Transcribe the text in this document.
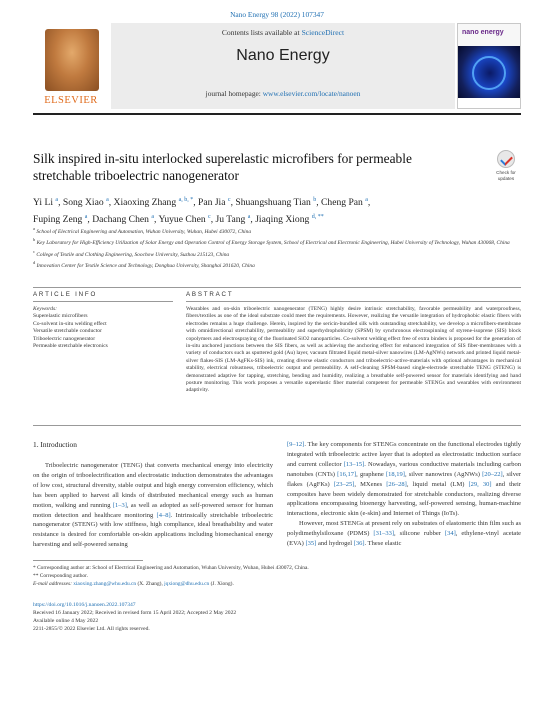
Nano Energy 98 (2022) 107347
ELSEVIER
Contents lists available at ScienceDirect
Nano Energy
journal homepage: www.elsevier.com/locate/nanoen
nano energy
Silk inspired in-situ interlocked superelastic microfibers for permeable stretchable triboelectric nanogenerator	Check for updates
Yi Li $^a$, Song Xiao $^a$, Xiaoxing Zhang $^{a, b, *}$, Pan Jia $^c$, Shuangshuang Tian $^b$, Cheng Pan $^a$,
Fuping Zeng $^a$, Dachang Chen $^a$, Yuyue Chen $^c$, Ju Tang $^a$, Jiaqing Xiong $^{d, **}$
$^a$ School of Electrical Engineering and Automation, Wuhan University, Wuhan, Hubei 430072, China
$^b$ Key Laboratory for High-Efficiency Utilization of Solar Energy and Operation Control of Energy Storage System, School of Electrical and Electronic Engineering, Hubei University of Technology, Wuhan 430068, China
$^c$ College of Textile and Clothing Engineering, Soochow University, Suzhou 215123, China
$^d$ Innovation Center for Textile Science and Technology, Donghua University, Shanghai 201620, China
ARTICLE INFO	ABSTRACT
Keywords:
Superelastic microfibers
Co-solvent in-situ welding effect
Versatile stretchable conductor
Triboelectric nanogenerator
Permeable stretchable electronics
Wearables and on-skin triboelectric nanogenerator (TENG) highly desire intrinsic stretchability, favorable permeability and waterproofness, fibers/textiles as one of the ideal substrate could meet the requirements. However, realizing the versatile integration of hydrophobic elastic fibers with electrodes remains a huge challenge. Herein, inspired by the sericin-bundled silk with outstanding stretchability, we develop a microfibers-membrane with omnidirectional stretchability, permeability and superhydrophobicity (SPSM) by synchronous electrospinning of styrene-isoprene (SIS) block copolymers and electrospraying of the fluorinated SiO2 nanoparticles. Co-solvent welding effect free of extra binders is proposed for the generation of in-situ anchored junctions between the SIS fibers, as well as achieving the anchoring effect for enhanced integration of SIS fiber-membranes with a variety of conductors such as sputtered gold (Au) layer, vacuum filtrated liquid metal-silver nanowires (LM-AgNWs) network and printed liquid metal-silver flakes-SIS (LM-AgFKs-SIS) ink, creating diverse elastic conductors and triboelectric-active-materials with optional advantages in mechanical stability, electrical robustness, triboelectric output and permeability. A self-cleaning SPSM-based single-electrode stretchable TENG (STENG) is demonstrated adaptive for tapping, stretching, bending and humidity, realizing a breathable self-powered sensor for materials identifying and hand posture monitoring. This work proposes a versatile superelastic fiber material competent for permeable STENGs and wearables with environment adaptivity.
1. Introduction

Triboelectric nanogenerator (TENG) that converts mechanical energy into electricity on the origin of triboelectrification and electrostatic induction demonstrates the advantages of low cost, structural diversity, stable output and high energy conversion efficiency, which has been applied to harvest all kinds of distributed mechanical energy such as human motion, walking and running [1–3], as well as adopted as self-powered sensor for human motion detection and healthcare monitoring [4–8]. Intrinsically stretchable triboelectric nanogenerator (STENG) with low stiffness, high compliance, ideal breathability and water resistance is desired for comfortable on-skin applications including biomechanical energy harvesting and self-powered sensing

[9–12]. The key components for STENGs concentrate on the functional electrodes tightly integrated with triboelectric active layer that is adopted as electrostatic induction surface and current collector [13–15]. Nowadays, various conductive materials including carbon nanotubes (CNTs) [16,17], graphene [18,19], silver nanowires (AgNWs) [20–22], silver flakes (AgFKs) [23–25], MXenes [26–28], liquid metal (LM) [29, 30] and their composites have been widely demonstrated for stretchable conductors, realizing diverse applications encompassing bioenergy harvesting, self-powered sensing, human-machine interactions, electronic skin (e-skin) and Internet of Things (IoTs).

However, most STENGs at present rely on substrates of elastomeric thin film such as polydimethylsiloxane (PDMS) [31–33], silicone rubber [34], ethylene-vinyl acetate (EVA) [35] and hydrogel [36]. These elastic

* Corresponding author at: School of Electrical Engineering and Automation, Wuhan University, Wuhan, Hubei 430072, China.
** Corresponding author.
E-mail addresses: xiaoxing.zhang@whu.edu.cn (X. Zhang), jqxiong@dhu.edu.cn (J. Xiong).
https://doi.org/10.1016/j.nanoen.2022.107347
Received 16 January 2022; Received in revised form 15 April 2022; Accepted 2 May 2022
Available online 4 May 2022
2211-2855/© 2022 Elsevier Ltd. All rights reserved.
